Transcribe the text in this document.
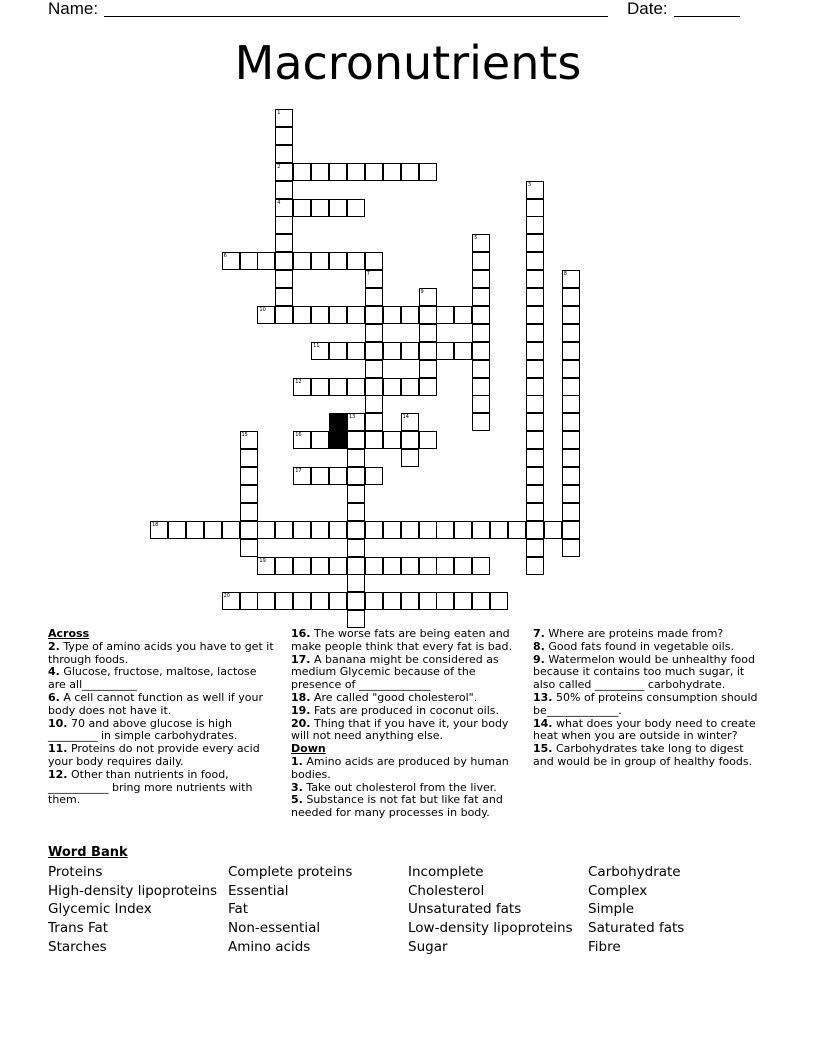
Name:	Date:
Macronutrients
1
2
4
3
5
6
7	8
9
10
11
12
13	14
15	16
17
18
19
20

Across

2. Type of amino acids you have to get it through foods.

4. Glucose, fructose, maltose, lactose are all__________

6. A cell cannot function as well if your body does not have it.

10. 70 and above glucose is high _________ in simple carbohydrates.

11. Proteins do not provide every acid your body requires daily.

12. Other than nutrients in food, ___________ bring more nutrients with them.

16. The worse fats are being eaten and make people think that every fat is bad.

17. A banana might be considered as medium Glycemic because of the presence of _____________

18. Are called "good cholesterol".

19. Fats are produced in coconut oils.

20. Thing that if you have it, your body will not need anything else.

Down

1. Amino acids are produced by human bodies.

3. Take out cholesterol from the liver.

5. Substance is not fat but like fat and needed for many processes in body.

7. Where are proteins made from?

8. Good fats found in vegetable oils.

9. Watermelon would be unhealthy food because it contains too much sugar, it also called _________ carbohydrate.

13. 50% of proteins consumption should be_____________.

14. what does your body need to create heat when you are outside in winter?

15. Carbohydrates take long to digest and would be in group of healthy foods.

Word Bank
Proteins	Complete proteins	Incomplete	Carbohydrate
High-density lipoproteins Essential	Cholesterol	Complex
Glycemic Index	Fat	Unsaturated fats	Simple
Trans Fat	Non-essential	Low-density lipoproteins Saturated fats
Starches	Amino acids	Sugar	Fibre
